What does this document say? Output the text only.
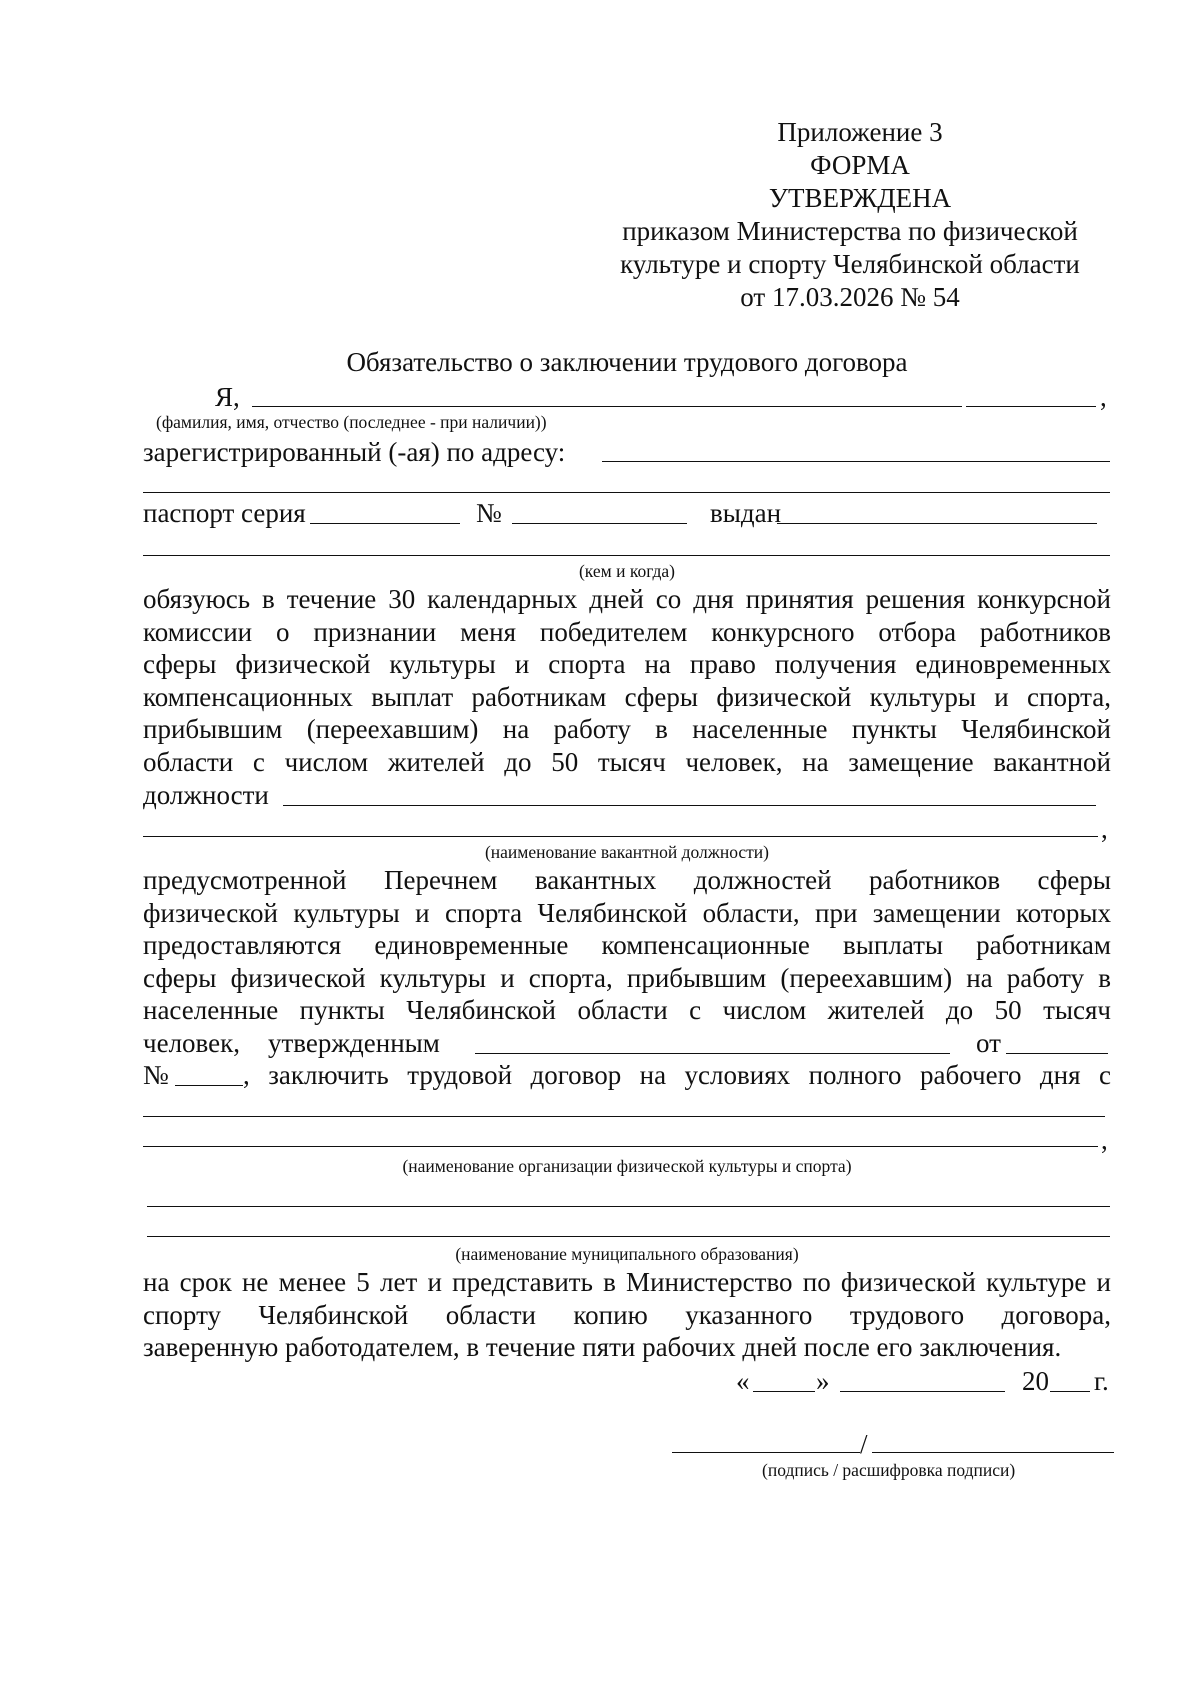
Приложение 3
ФОРМА
УТВЕРЖДЕНА
приказом Министерства по физической
культуре и спорту Челябинской области
от 17.03.2026 № 54
Обязательство о заключении трудового договора
Я,	,
(фамилия, имя, отчество (последнее - при наличии))
зарегистрированный (-ая) по адресу:
паспорт серия	№	выдан
(кем и когда)
обязуюсь в течение 30 календарных дней со дня принятия решения конкурсной
комиссии о признании меня победителем конкурсного отбора работников
сферы физической культуры и спорта на право получения единовременных
компенсационных выплат работникам сферы физической культуры и спорта,
прибывшим (переехавшим) на работу в населенные пункты Челябинской
области с числом жителей до 50 тысяч человек, на замещение вакантной
должности
,
(наименование вакантной должности)
предусмотренной Перечнем вакантных должностей работников сферы
физической культуры и спорта Челябинской области, при замещении которых
предоставляются единовременные компенсационные выплаты работникам
сферы физической культуры и спорта, прибывшим (переехавшим) на работу в
населенные пункты Челябинской области с числом жителей до 50 тысяч
человек, утвержденным	от
№	, заключить трудовой договор на условиях полного рабочего дня с
,
(наименование организации физической культуры и спорта)
(наименование муниципального образования)
на срок не менее 5 лет и представить в Министерство по физической культуре и
спорту Челябинской области копию указанного трудового договора,
заверенную работодателем, в течение пяти рабочих дней после его заключения.
« »	20 г.
/
(подпись / расшифровка подписи)
